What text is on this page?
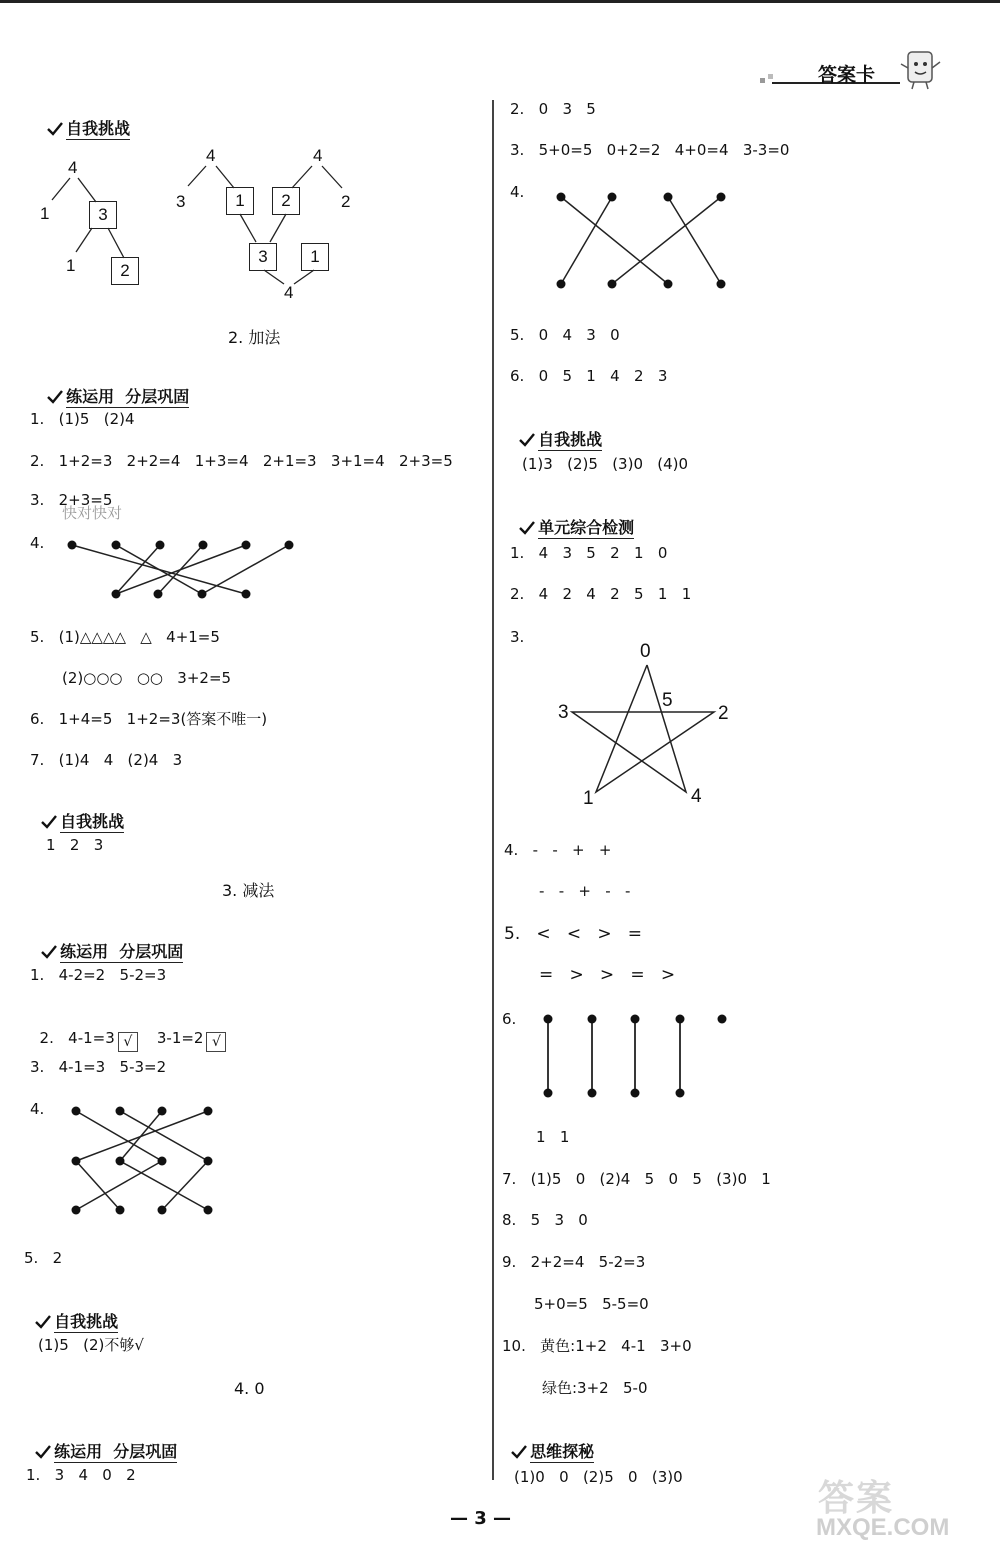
答案卡

自我挑战

4
1	3
1	2
4
3	1
4
2	2
3	1
4
2. 加法

练运用  分层巩固

1.   (1)5   (2)4
2.   1+2=3   2+2=4   1+3=4   2+1=3   3+1=4   2+3=5
3.   2+3=5
快对快对
4.
5.   (1)△△△△   △   4+1=5
(2)○○○   ○○   3+2=5
6.   1+4=5   1+2=3(答案不唯一)
7.   (1)4   4   (2)4   3

自我挑战

1   2   3
3. 减法

练运用  分层巩固

1.   4-2=2   5-2=3

2.   4-1=3 √ 3-1=2 √

3.   4-1=3   5-3=2
4.
5.   2

自我挑战

(1)5   (2)不够√
4. 0

练运用  分层巩固

1.   3   4   0   2
2.   0   3   5
3.   5+0=5   0+2=2   4+0=4   3-3=0
4.
5.   0   4   3   0
6.   0   5   1   4   2   3

自我挑战

(1)3   (2)5   (3)0   (4)0

单元综合检测

1.   4   3   5   2   1   0
2.   4   2   4   2   5   1   1
3.
0
5
3	2
1	4
4.   -   -   +   +
-   -   +   -   -
5.   <   <   >   =
=   >   >   =   >
6.
1   1
7.   (1)5   0   (2)4   5   0   5   (3)0   1
8.   5   3   0
9.   2+2=4   5-2=3
5+0=5   5-5=0
10.   黄色:1+2   4-1   3+0
绿色:3+2   5-0

思维探秘

(1)0   0   (2)5   0   (3)0
— 3 —	答案
MXQE.COM
